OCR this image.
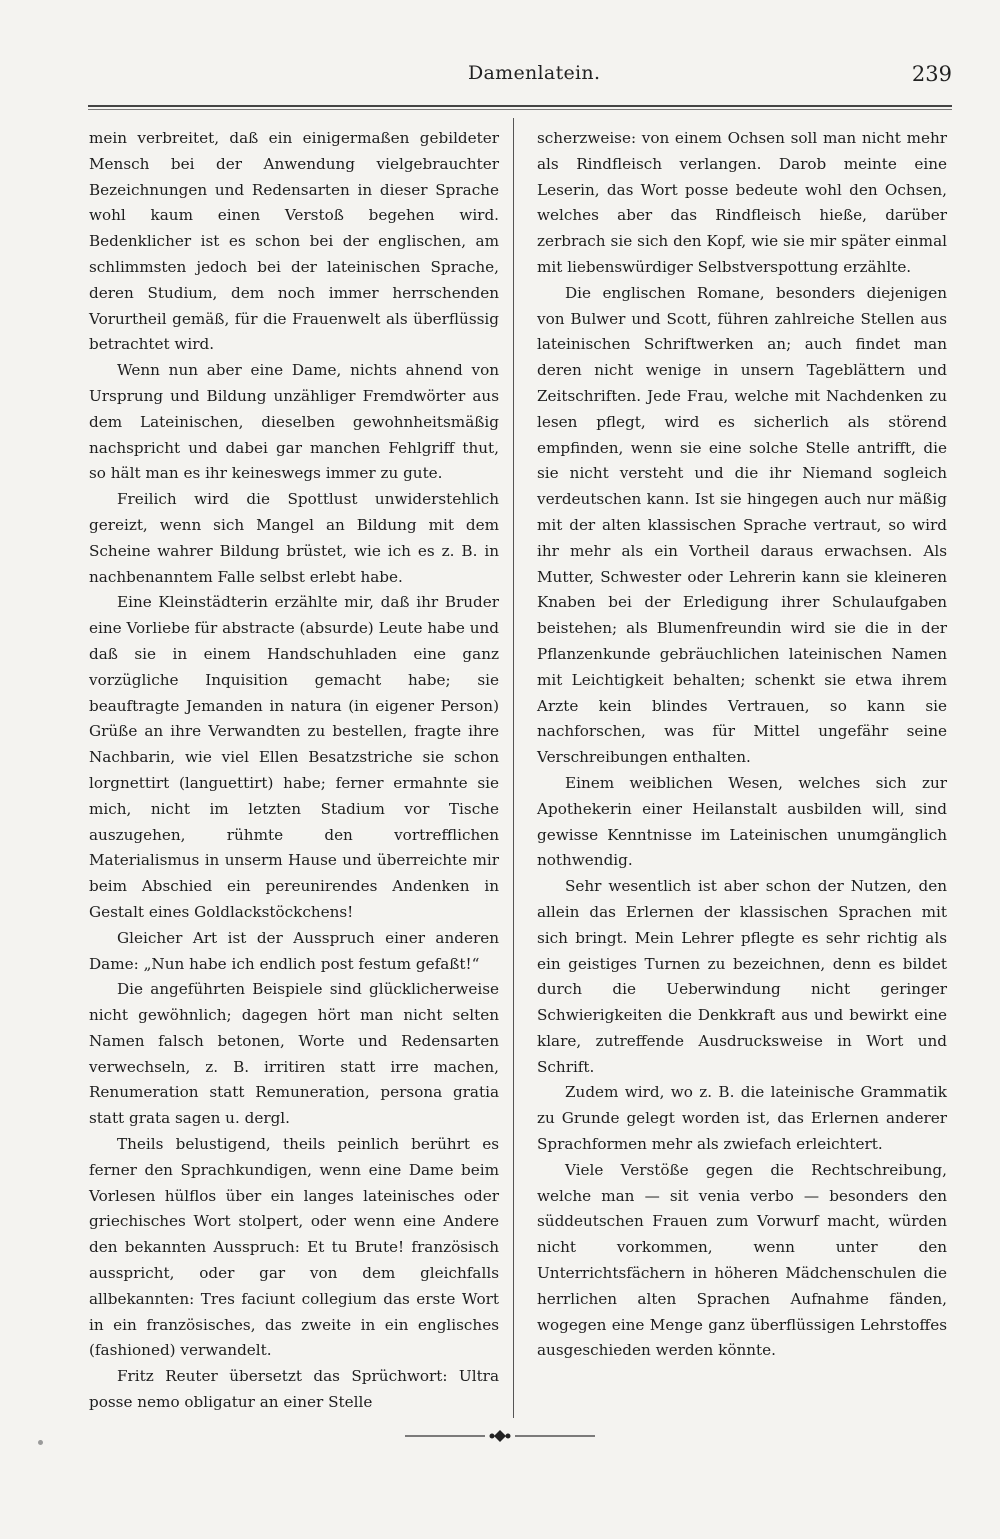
Damenlatein.	239

mein verbreitet, daß ein einigermaßen gebildeter Mensch bei der Anwendung vielgebrauchter Bezeichnungen und Redensarten in dieser Sprache wohl kaum einen Verstoß begehen wird. Bedenklicher ist es schon bei der englischen, am schlimmsten jedoch bei der lateinischen Sprache, deren Studium, dem noch immer herrschenden Vorurtheil gemäß, für die Frauenwelt als überflüssig betrachtet wird.

Wenn nun aber eine Dame, nichts ahnend von Ursprung und Bildung unzähliger Fremdwörter aus dem Lateinischen, dieselben gewohnheitsmäßig nachspricht und dabei gar manchen Fehlgriff thut, so hält man es ihr keineswegs immer zu gute.

Freilich wird die Spottlust unwiderstehlich gereizt, wenn sich Mangel an Bildung mit dem Scheine wahrer Bildung brüstet, wie ich es z. B. in nachbenanntem Falle selbst erlebt habe.

Eine Kleinstädterin erzählte mir, daß ihr Bruder eine Vorliebe für abstracte (absurde) Leute habe und daß sie in einem Handschuhladen eine ganz vorzügliche Inquisition gemacht habe; sie beauftragte Jemanden in natura (in eigener Person) Grüße an ihre Verwandten zu bestellen, fragte ihre Nachbarin, wie viel Ellen Besatzstriche sie schon lorgnettirt (languettirt) habe; ferner ermahnte sie mich, nicht im letzten Stadium vor Tische auszugehen, rühmte den vortrefflichen Materialismus in unserm Hause und überreichte mir beim Abschied ein pereunirendes Andenken in Gestalt eines Goldlackstöckchens!

Gleicher Art ist der Ausspruch einer anderen Dame: „Nun habe ich endlich post festum gefaßt!“

Die angeführten Beispiele sind glücklicherweise nicht gewöhnlich; dagegen hört man nicht selten Namen falsch betonen, Worte und Redensarten verwechseln, z. B. irritiren statt irre machen, Renumeration statt Remuneration, persona gratia statt grata sagen u. dergl.

Theils belustigend, theils peinlich berührt es ferner den Sprachkundigen, wenn eine Dame beim Vorlesen hülflos über ein langes lateinisches oder griechisches Wort stolpert, oder wenn eine Andere den bekannten Ausspruch: Et tu Brute! französisch ausspricht, oder gar von dem gleichfalls allbekannten: Tres faciunt collegium das erste Wort in ein französisches, das zweite in ein englisches (fashioned) verwandelt.

Fritz Reuter übersetzt das Sprüchwort: Ultra posse nemo obligatur an einer Stelle

scherzweise: von einem Ochsen soll man nicht mehr als Rindfleisch verlangen. Darob meinte eine Leserin, das Wort posse bedeute wohl den Ochsen, welches aber das Rindfleisch hieße, darüber zerbrach sie sich den Kopf, wie sie mir später einmal mit liebenswürdiger Selbstverspottung erzählte.

Die englischen Romane, besonders diejenigen von Bulwer und Scott, führen zahlreiche Stellen aus lateinischen Schriftwerken an; auch findet man deren nicht wenige in unsern Tageblättern und Zeitschriften. Jede Frau, welche mit Nachdenken zu lesen pflegt, wird es sicherlich als störend empfinden, wenn sie eine solche Stelle antrifft, die sie nicht versteht und die ihr Niemand sogleich verdeutschen kann. Ist sie hingegen auch nur mäßig mit der alten klassischen Sprache vertraut, so wird ihr mehr als ein Vortheil daraus erwachsen. Als Mutter, Schwester oder Lehrerin kann sie kleineren Knaben bei der Erledigung ihrer Schulaufgaben beistehen; als Blumenfreundin wird sie die in der Pflanzenkunde gebräuchlichen lateinischen Namen mit Leichtigkeit behalten; schenkt sie etwa ihrem Arzte kein blindes Vertrauen, so kann sie nachforschen, was für Mittel ungefähr seine Verschreibungen enthalten.

Einem weiblichen Wesen, welches sich zur Apothekerin einer Heilanstalt ausbilden will, sind gewisse Kenntnisse im Lateinischen unumgänglich nothwendig.

Sehr wesentlich ist aber schon der Nutzen, den allein das Erlernen der klassischen Sprachen mit sich bringt. Mein Lehrer pflegte es sehr richtig als ein geistiges Turnen zu bezeichnen, denn es bildet durch die Ueberwindung nicht geringer Schwierigkeiten die Denkkraft aus und bewirkt eine klare, zutreffende Ausdrucksweise in Wort und Schrift.

Zudem wird, wo z. B. die lateinische Grammatik zu Grunde gelegt worden ist, das Erlernen anderer Sprachformen mehr als zwiefach erleichtert.

Viele Verstöße gegen die Rechtschreibung, welche man — sit venia verbo — besonders den süddeutschen Frauen zum Vorwurf macht, würden nicht vorkommen, wenn unter den Unterrichtsfächern in höheren Mädchenschulen die herrlichen alten Sprachen Aufnahme fänden, wogegen eine Menge ganz überflüssigen Lehrstoffes ausgeschieden werden könnte.
